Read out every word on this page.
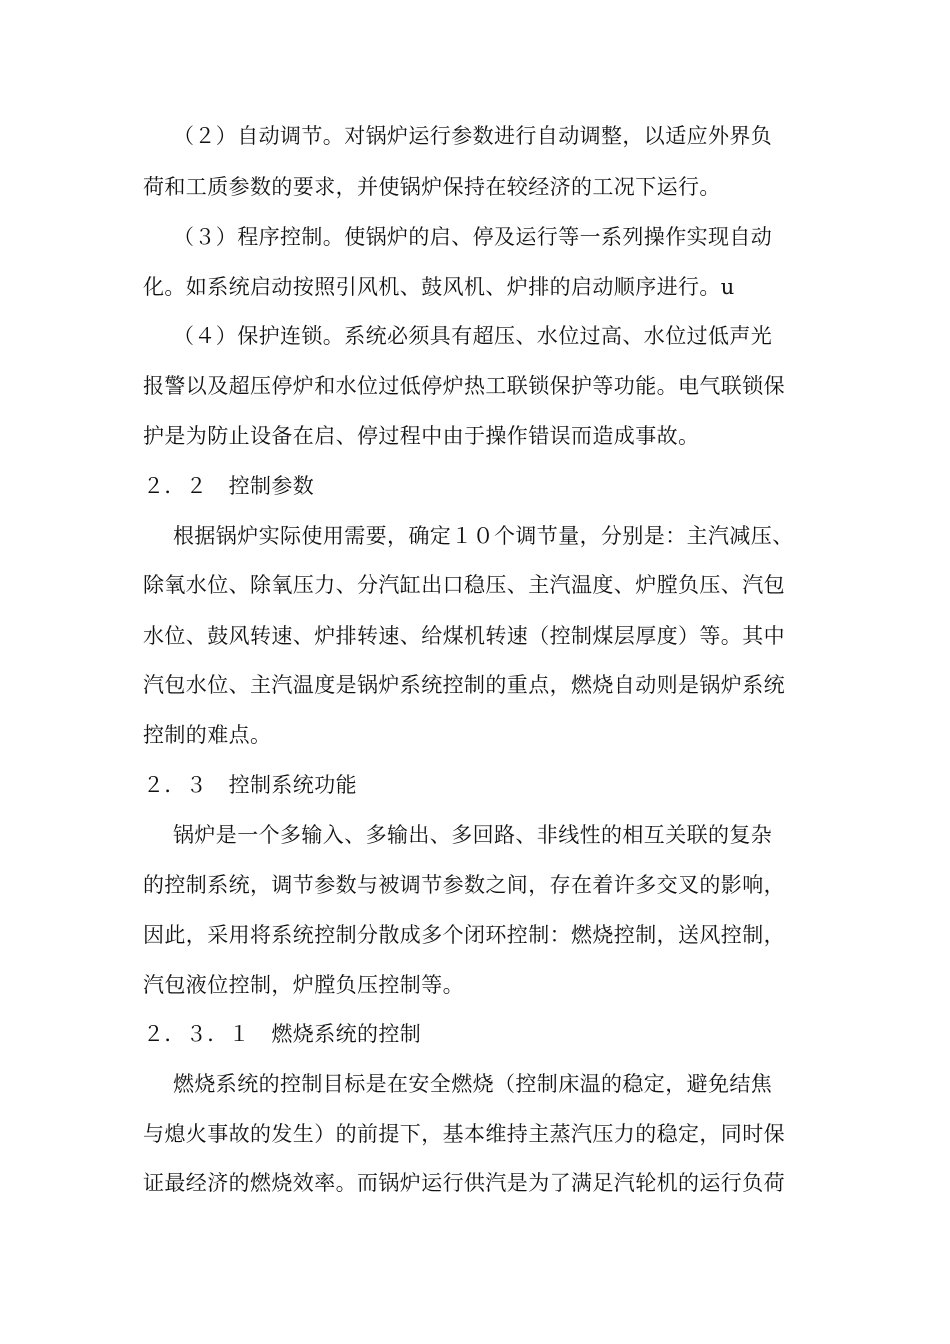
（２）自动调节。对锅炉运行参数进行自动调整，以适应外界负
荷和工质参数的要求，并使锅炉保持在较经济的工况下运行。
（３）程序控制。使锅炉的启、停及运行等一系列操作实现自动
化。如系统启动按照引风机、鼓风机、炉排的启动顺序进行。u
（４）保护连锁。系统必须具有超压、水位过高、水位过低声光
报警以及超压停炉和水位过低停炉热工联锁保护等功能。电气联锁保
护是为防止设备在启、停过程中由于操作错误而造成事故。
２．２　控制参数
根据锅炉实际使用需要，确定１０个调节量，分别是：主汽减压、
除氧水位、除氧压力、分汽缸出口稳压、主汽温度、炉膛负压、汽包
水位、鼓风转速、炉排转速、给煤机转速（控制煤层厚度）等。其中
汽包水位、主汽温度是锅炉系统控制的重点，燃烧自动则是锅炉系统
控制的难点。
２．３　控制系统功能
锅炉是一个多输入、多输出、多回路、非线性的相互关联的复杂
的控制系统，调节参数与被调节参数之间，存在着许多交叉的影响，
因此，采用将系统控制分散成多个闭环控制：燃烧控制，送风控制，
汽包液位控制，炉膛负压控制等。
２．３．１　燃烧系统的控制
燃烧系统的控制目标是在安全燃烧（控制床温的稳定，避免结焦
与熄火事故的发生）的前提下，基本维持主蒸汽压力的稳定，同时保
证最经济的燃烧效率。而锅炉运行供汽是为了满足汽轮机的运行负荷
